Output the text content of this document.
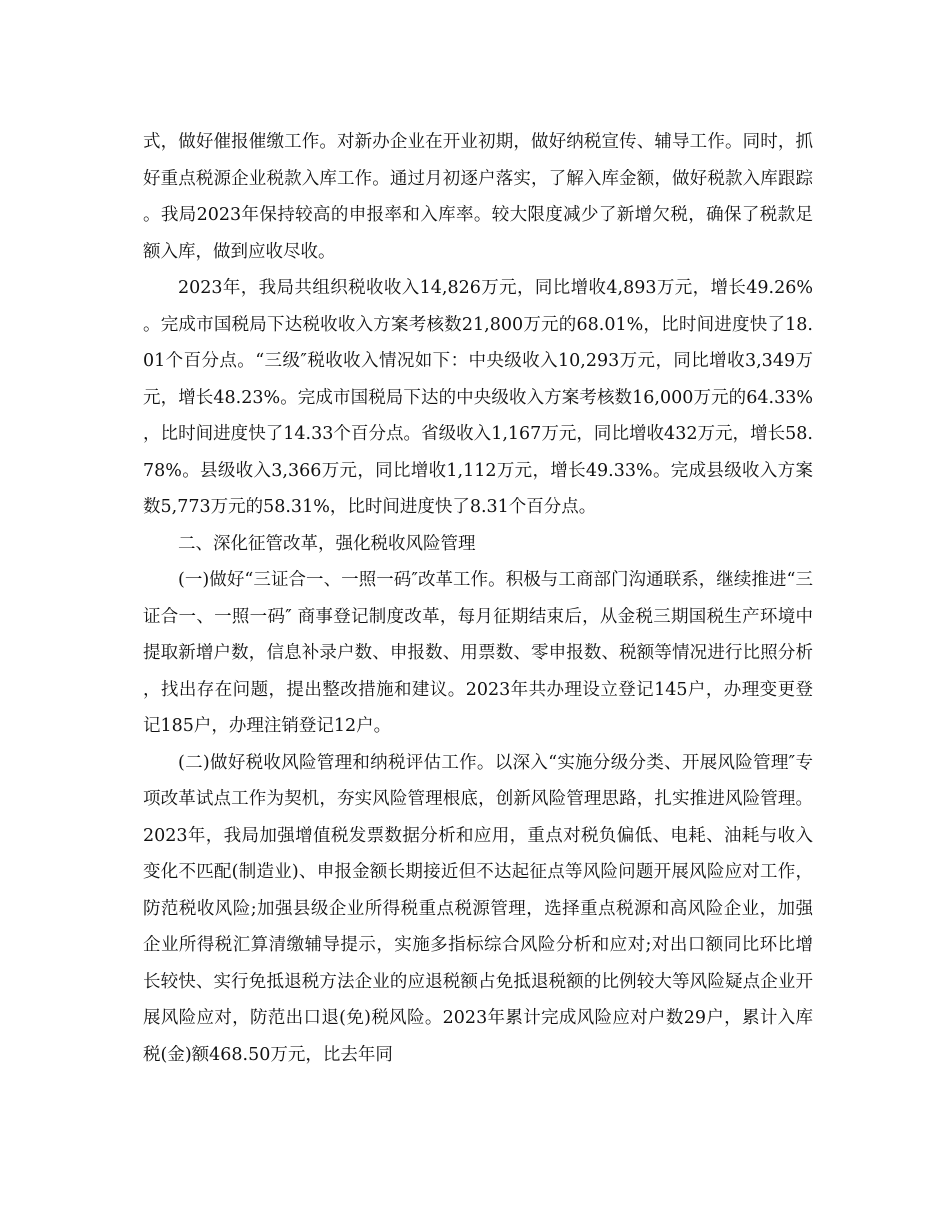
式，做好催报催缴工作。对新办企业在开业初期，做好纳税宣传、辅导工作。同时，抓好重点税源企业税款入库工作。通过月初逐户落实，了解入库金额，做好税款入库跟踪。我局2023年保持较高的申报率和入库率。较大限度减少了新增欠税，确保了税款足额入库，做到应收尽收。

2023年，我局共组织税收收入14,826万元，同比增收4,893万元，增长49.26%。完成市国税局下达税收收入方案考核数21,800万元的68.01%，比时间进度快了18.01个百分点。“三级″税收收入情况如下：中央级收入10,293万元，同比增收3,349万元，增长48.23%。完成市国税局下达的中央级收入方案考核数16,000万元的64.33%，比时间进度快了14.33个百分点。省级收入1,167万元，同比增收432万元，增长58.78%。县级收入3,366万元，同比增收1,112万元，增长49.33%。完成县级收入方案数5,773万元的58.31%，比时间进度快了8.31个百分点。

二、深化征管改革，强化税收风险管理

(一)做好“三证合一、一照一码″改革工作。积极与工商部门沟通联系，继续推进“三证合一、一照一码″ 商事登记制度改革，每月征期结束后，从金税三期国税生产环境中提取新增户数，信息补录户数、申报数、用票数、零申报数、税额等情况进行比照分析，找出存在问题，提出整改措施和建议。2023年共办理设立登记145户，办理变更登记185户，办理注销登记12户。

(二)做好税收风险管理和纳税评估工作。以深入“实施分级分类、开展风险管理″专项改革试点工作为契机，夯实风险管理根底，创新风险管理思路，扎实推进风险管理。2023年，我局加强增值税发票数据分析和应用，重点对税负偏低、电耗、油耗与收入变化不匹配(制造业)、申报金额长期接近但不达起征点等风险问题开展风险应对工作，防范税收风险;加强县级企业所得税重点税源管理，选择重点税源和高风险企业，加强企业所得税汇算清缴辅导提示，实施多指标综合风险分析和应对;对出口额同比环比增长较快、实行免抵退税方法企业的应退税额占免抵退税额的比例较大等风险疑点企业开展风险应对，防范出口退(免)税风险。2023年累计完成风险应对户数29户，累计入库税(金)额468.50万元，比去年同
